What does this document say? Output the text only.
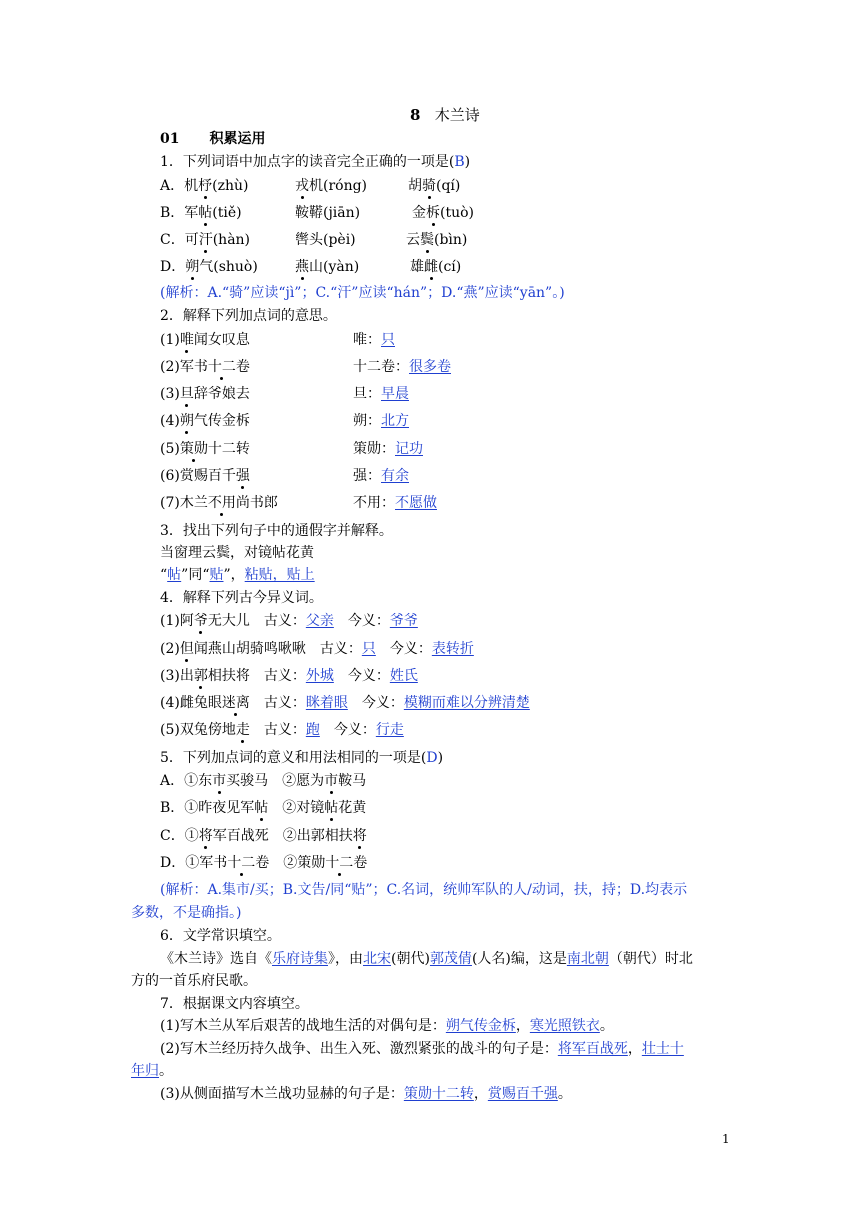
8 木兰诗
01 积累运用
1．下列词语中加点字的读音完全正确的一项是(B)
A．机杼(zhù)	戎机(róng)	胡骑(qí)
B．军帖(tiě)	鞍鞯(jiān)	金柝(tuò)
C．可汗(hàn)	辔头(pèi)	云鬓(bìn)
D．朔气(shuò)	燕山(yàn)	雄雌(cí)
(解析：A.“骑”应读“jì”；C.“汗”应读“hán”；D.“燕”应读“yān”。)
2．解释下列加点词的意思。
(1)唯闻女叹息	唯：只
(2)军书十二卷	十二卷：很多卷
(3)旦辞爷娘去	旦：早晨
(4)朔气传金柝	朔：北方
(5)策勋十二转	策勋：记功
(6)赏赐百千强	强：有余
(7)木兰不用尚书郎	不用：不愿做
3．找出下列句子中的通假字并解释。
当窗理云鬓，对镜帖花黄
“帖”同“贴”，粘贴，贴上
4．解释下列古今异义词。
(1)阿爷无大儿　 古义：父亲　 今义：爷爷
(2)但闻燕山胡骑鸣啾啾　 古义：只　 今义：表转折
(3)出郭相扶将　 古义：外城　 今义：姓氏
(4)雌兔眼迷离　 古义：眯着眼　 今义：模糊而难以分辨清楚
(5)双兔傍地走　 古义：跑　 今义：行走
5．下列加点词的意义和用法相同的一项是(D)
A．①东市买骏马　②愿为市鞍马
B．①昨夜见军帖　②对镜帖花黄
C．①将军百战死　②出郭相扶将
D．①军书十二卷　②策勋十二卷
(解析：A.集市/买；B.文告/同“贴”；C.名词，统帅军队的人/动词，扶，持；D.均表示
多数，不是确指。)
6．文学常识填空。
《木兰诗》选自《乐府诗集》，由北宋(朝代)郭茂倩(人名)编，这是南北朝（朝代）时北
方的一首乐府民歌。
7．根据课文内容填空。
(1)写木兰从军后艰苦的战地生活的对偶句是：朔气传金柝，寒光照铁衣。
(2)写木兰经历持久战争、出生入死、激烈紧张的战斗的句子是：将军百战死，壮士十
年归。
(3)从侧面描写木兰战功显赫的句子是：策勋十二转，赏赐百千强。
1
